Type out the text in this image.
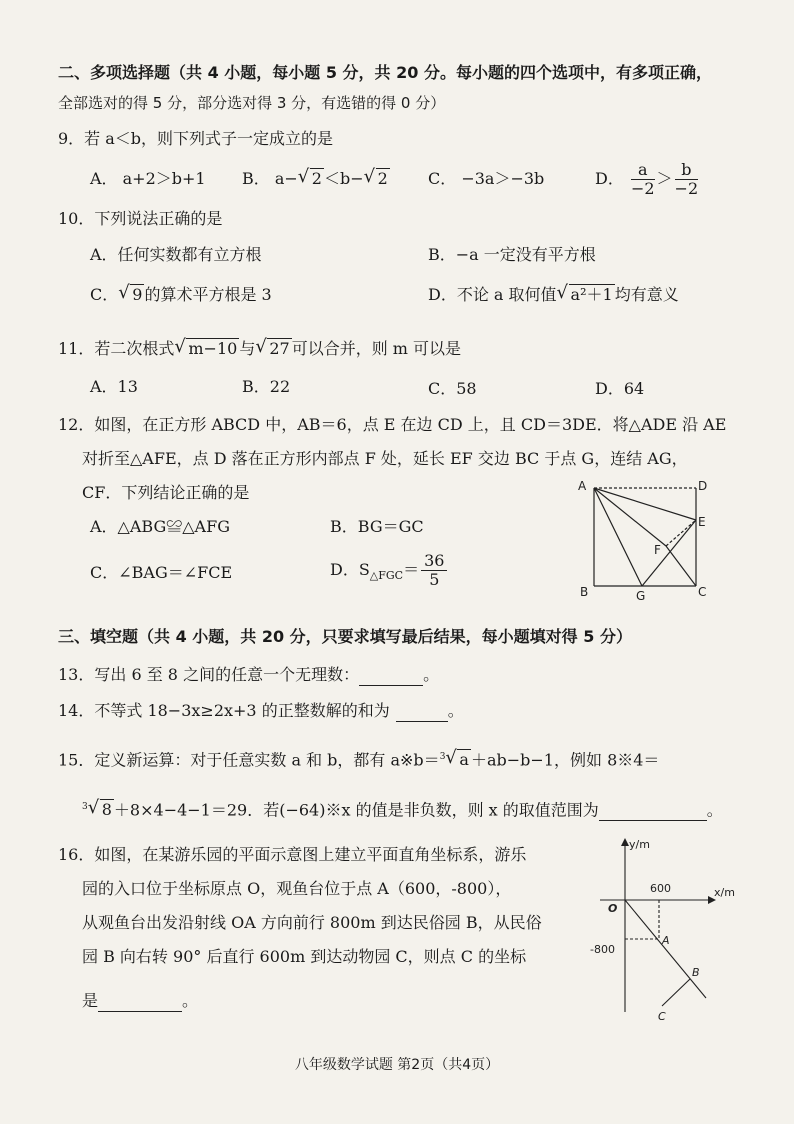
二、多项选择题（共 4 小题，每小题 5 分，共 20 分。每小题的四个选项中，有多项正确，
全部选对的得 5 分，部分选对得 3 分，有选错的得 0 分）
9．若 a＜b，则下列式子一定成立的是
A． a+2＞b+1 B． a− √ 2 ＜b− √ 2	C． −3a＞−3b	D． $\frac{a}{-2} > \frac{b}{-2}$
10．下列说法正确的是
A．任何实数都有立方根	B．−a 一定没有平方根
C． √ 9 的算术平方根是 3	D．不论 a 取何值 √ a²＋1 均有意义
11．若二次根式 √ m−10 与 √ 27 可以合并，则 m 可以是
A．13	B．22	C．58	D．64
12．如图，在正方形 ABCD 中，AB＝6，点 E 在边 CD 上，且 CD＝3DE．将△ADE 沿 AE
对折至△AFE，点 D 落在正方形内部点 F 处，延长 EF 交边 BC 于点 G，连结 AG，
CF．下列结论正确的是
A．△ABG≌△AFG	B．BG＝GC
C．∠BAG＝∠FCE	D．$S_{\triangle FGC}= \frac{36}{5}$
A
B	C
D
E
F
G
三、填空题（共 4 小题，共 20 分，只要求填写最后结果，每小题填对得 5 分）
13．写出 6 至 8 之间的任意一个无理数：	。
14．不等式 18−3x≥2x+3 的正整数解的和为	。
15．定义新运算：对于任意实数 a 和 b，都有 a※b＝$^3$ √ a ＋ab−b−1，例如 8※4＝
$^3$ √ 8 ＋8×4−4−1＝29．若(−64)※x 的值是非负数，则 x 的取值范围为	。
16．如图，在某游乐园的平面示意图上建立平面直角坐标系，游乐
园的入口位于坐标原点 O，观鱼台位于点 A（600，-800），
从观鱼台出发沿射线 OA 方向前行 800m 到达民俗园 B，从民俗
园 B 向右转 90° 后直行 600m 到达动物园 C，则点 C 的坐标
是	。
y/m
x/m
O
600
-800
A
B
C
八年级数学试题 第2页（共4页）
